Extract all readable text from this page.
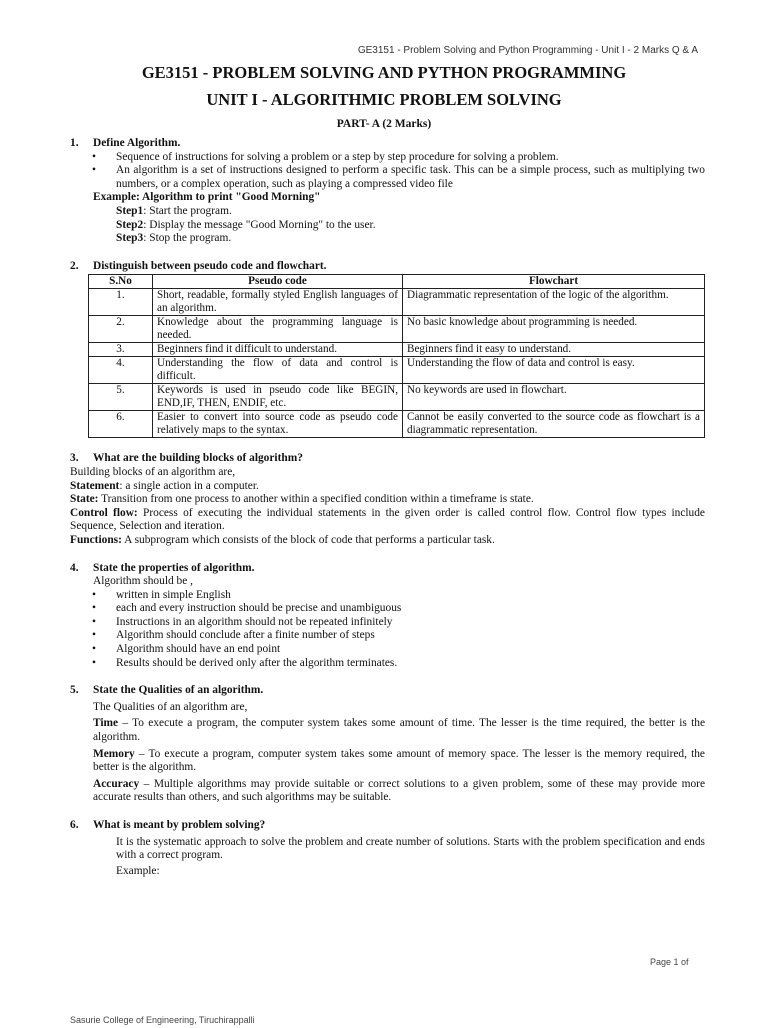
GE3151 - Problem Solving and Python Programming - Unit I - 2 Marks Q & A
GE3151 - PROBLEM SOLVING AND PYTHON PROGRAMMING
UNIT I - ALGORITHMIC PROBLEM SOLVING
PART- A (2 Marks)
1.	Define Algorithm.
• Sequence of instructions for solving a problem or a step by step procedure for solving a problem.
• An algorithm is a set of instructions designed to perform a specific task. This can be a simple process, such as multiplying two numbers, or a complex operation, such as playing a compressed video file
Example: Algorithm to print "Good Morning"
Step1: Start the program.
Step2: Display the message "Good Morning" to the user.
Step3: Stop the program.
2.	Distinguish between pseudo code and flowchart.
S.No	Pseudo code	Flowchart
1.	Short, readable, formally styled English languages of an algorithm.	Diagrammatic representation of the logic of the algorithm.
2.	Knowledge about the programming language is needed.	No basic knowledge about programming is needed.
3.	Beginners find it difficult to understand.	Beginners find it easy to understand.
4.	Understanding the flow of data and control is difficult.	Understanding the flow of data and control is easy.
5.	Keywords is used in pseudo code like BEGIN, END,IF, THEN, ENDIF, etc.	No keywords are used in flowchart.
6.	Easier to convert into source code as pseudo code relatively maps to the syntax.	Cannot be easily converted to the source code as flowchart is a diagrammatic representation.
3.	What are the building blocks of algorithm?
Building blocks of an algorithm are,
Statement: a single action in a computer.
State: Transition from one process to another within a specified condition within a timeframe is state.
Control flow: Process of executing the individual statements in the given order is called control flow. Control flow types include Sequence, Selection and iteration.
Functions: A subprogram which consists of the block of code that performs a particular task.
4.	State the properties of algorithm.
Algorithm should be ,
• written in simple English
• each and every instruction should be precise and unambiguous
• Instructions in an algorithm should not be repeated infinitely
• Algorithm should conclude after a finite number of steps
• Algorithm should have an end point
• Results should be derived only after the algorithm terminates.
5.	State the Qualities of an algorithm.
The Qualities of an algorithm are,
Time – To execute a program, the computer system takes some amount of time. The lesser is the time required, the better is the algorithm.
Memory – To execute a program, computer system takes some amount of memory space. The lesser is the memory required, the better is the algorithm.
Accuracy – Multiple algorithms may provide suitable or correct solutions to a given problem, some of these may provide more accurate results than others, and such algorithms may be suitable.
6.	What is meant by problem solving?
It is the systematic approach to solve the problem and create number of solutions. Starts with the problem specification and ends with a correct program.
Example:
Page 1 of
Sasurie College of Engineering, Tiruchirappalli
